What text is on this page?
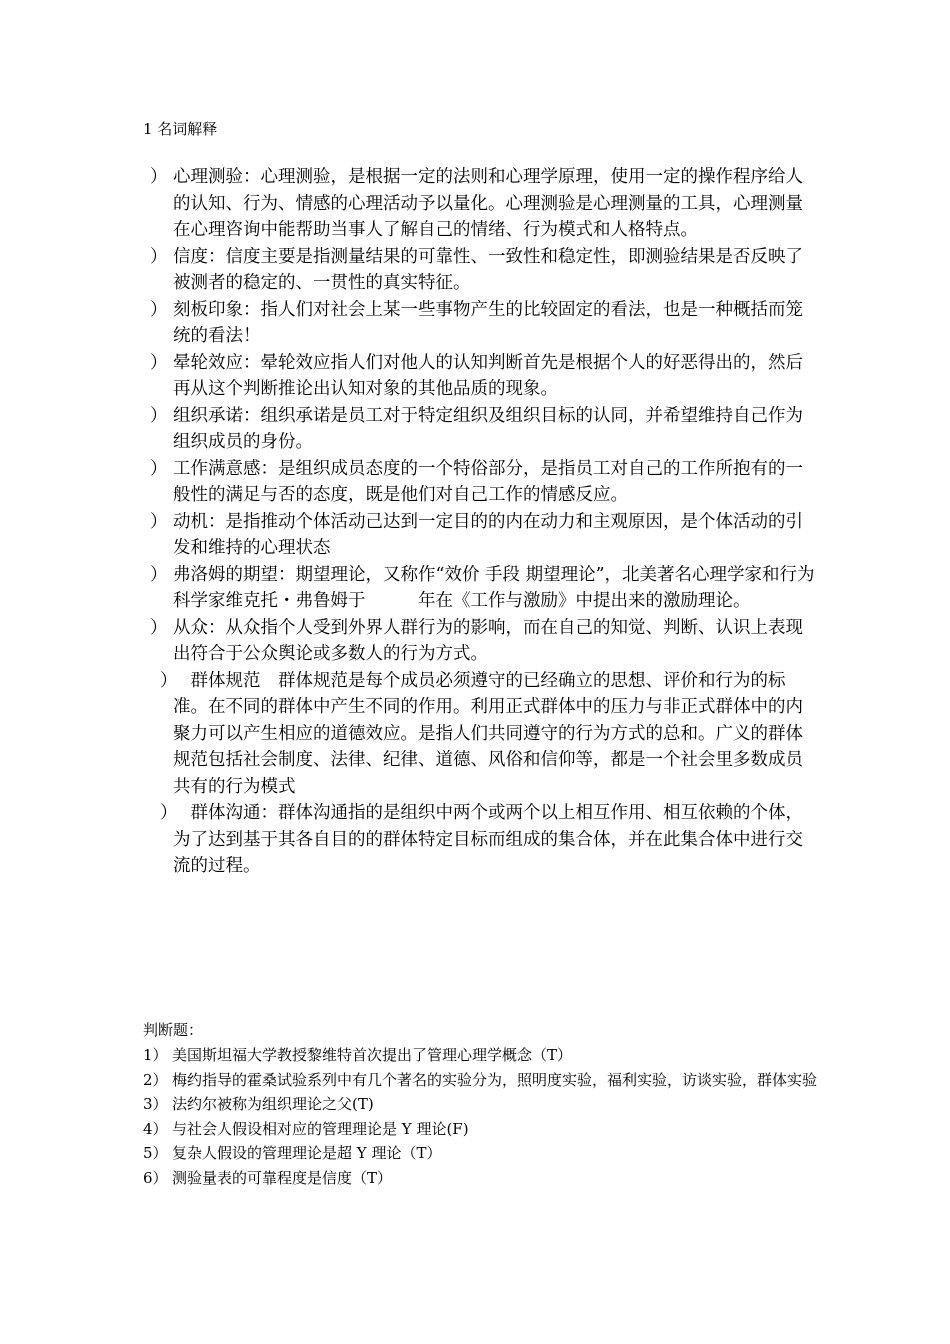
1 名词解释
） 心理测验：心理测验，是根据一定的法则和心理学原理，使用一定的操作程序给人的认知、行为、情感的心理活动予以量化。心理测验是心理测量的工具，心理测量在心理咨询中能帮助当事人了解自己的情绪、行为模式和人格特点。
） 信度：信度主要是指测量结果的可靠性、一致性和稳定性，即测验结果是否反映了被测者的稳定的、一贯性的真实特征。
） 刻板印象：指人们对社会上某一些事物产生的比较固定的看法，也是一种概括而笼统的看法！
） 晕轮效应：晕轮效应指人们对他人的认知判断首先是根据个人的好恶得出的，然后再从这个判断推论出认知对象的其他品质的现象。
） 组织承诺：组织承诺是员工对于特定组织及组织目标的认同，并希望维持自己作为组织成员的身份。
） 工作满意感：是组织成员态度的一个特俗部分，是指员工对自己的工作所抱有的一般性的满足与否的态度，既是他们对自己工作的情感反应。
） 动机：是指推动个体活动己达到一定目的的内在动力和主观原因，是个体活动的引发和维持的心理状态
） 弗洛姆的期望：期望理论，又称作“效价 手段 期望理论”，北美著名心理学家和行为科学家维克托・弗鲁姆于　　　年在《工作与激励》中提出来的激励理论。
） 从众：从众指个人受到外界人群行为的影响，而在自己的知觉、判断、认识上表现出符合于公众舆论或多数人的行为方式。
）
　群体规范　群体规范是每个成员必须遵守的已经确立的思想、评价和行为的标准。在不同的群体中产生不同的作用。利用正式群体中的压力与非正式群体中的内聚力可以产生相应的道德效应。是指人们共同遵守的行为方式的总和。广义的群体规范包括社会制度、法律、纪律、道德、风俗和信仰等，都是一个社会里多数成员共有的行为模式
）
　群体沟通：群体沟通指的是组织中两个或两个以上相互作用、相互依赖的个体，为了达到基于其各自目的的群体特定目标而组成的集合体，并在此集合体中进行交流的过程。
判断题：
1） 美国斯坦福大学教授黎维特首次提出了管理心理学概念（T）
2） 梅约指导的霍桑试验系列中有几个著名的实验分为，照明度实验，福利实验，访谈实验，群体实验
3） 法约尔被称为组织理论之父(T)
4） 与社会人假设相对应的管理理论是 Y 理论(F)
5） 复杂人假设的管理理论是超 Y 理论（T）
6） 测验量表的可靠程度是信度（T）
